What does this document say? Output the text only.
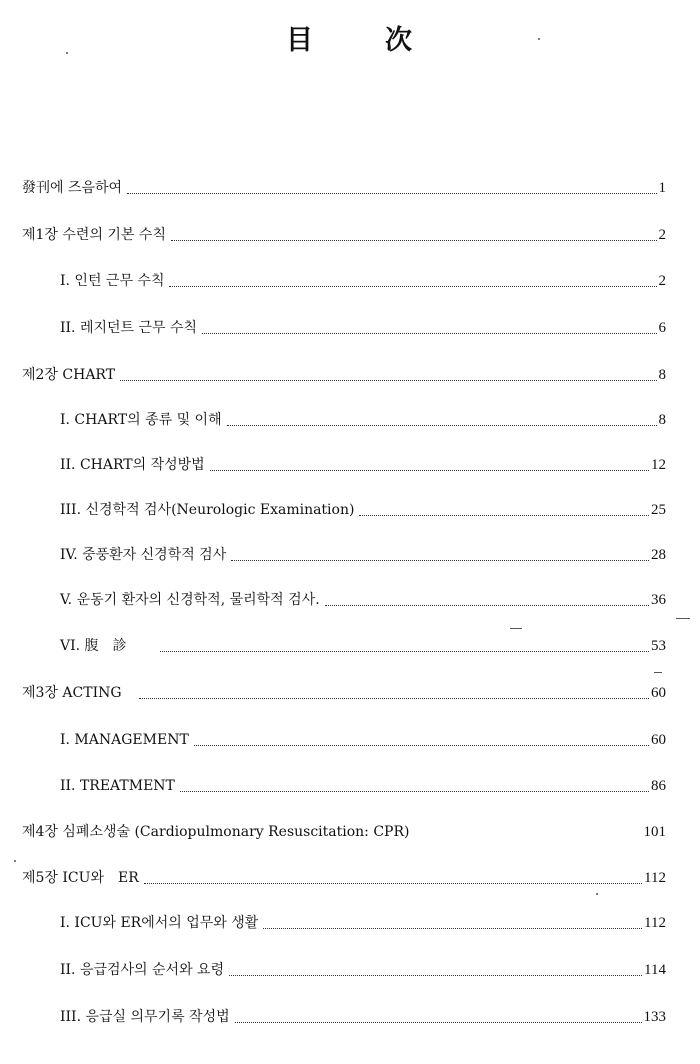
目	次
發刊에 즈음하여	1
제1장 수련의 기본 수칙	2
I. 인턴 근무 수칙	2
II. 레지던트 근무 수칙	6
제2장 CHART	8
I. CHART의 종류 및 이해	8
II. CHART의 작성방법	12
III. 신경학적 검사(Neurologic Examination)	25
IV. 중풍환자 신경학적 검사	28
V. 운동기 환자의 신경학적, 물리학적 검사.	36
VI. 腹　診	53
제3장 ACTING	60
I. MANAGEMENT	60
II. TREATMENT	86
제4장 심폐소생술 (Cardiopulmonary Resuscitation: CPR)	101
제5장 ICU와　ER	112
I. ICU와 ER에서의 업무와 생활	112
II. 응급검사의 순서와 요령	114
III. 응급실 의무기록 작성법	133
